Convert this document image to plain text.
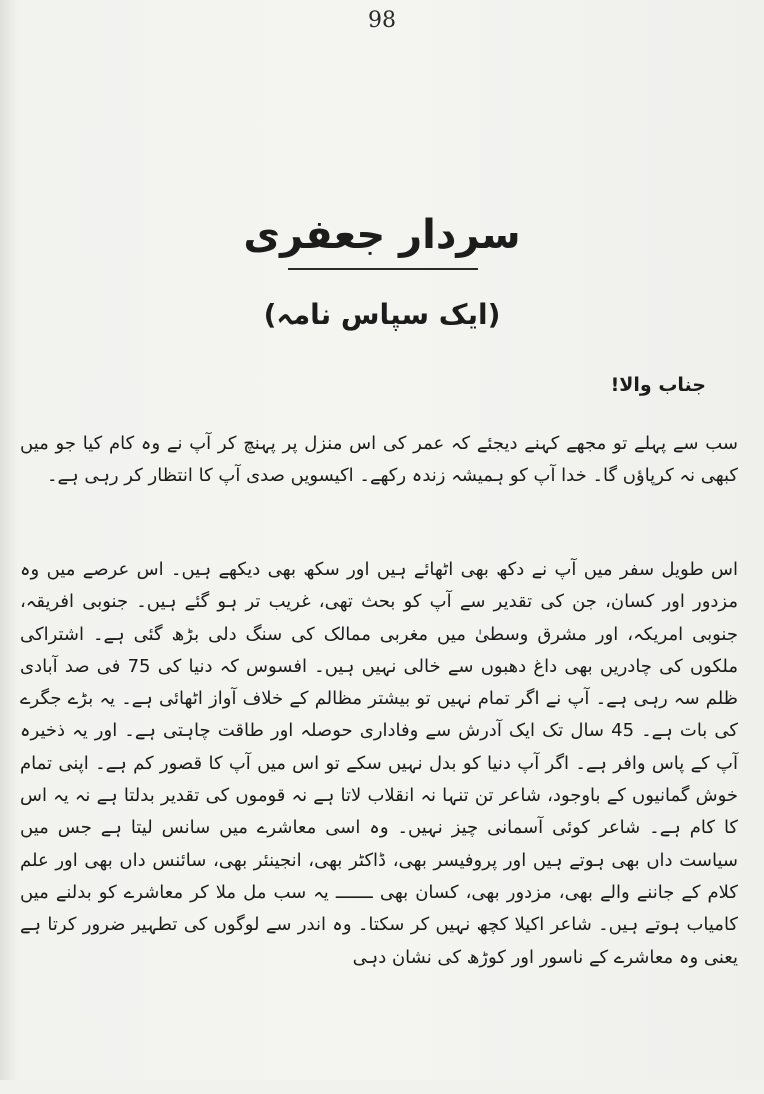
98
سردار جعفری
(ایک سپاس نامہ)
جناب والا!

سب سے پہلے تو مجھے کہنے دیجئے کہ عمر کی اس منزل پر پہنچ کر آپ نے وہ کام کیا جو میں کبھی نہ کرپاؤں گا۔ خدا آپ کو ہمیشہ زندہ رکھے۔ اکیسویں صدی آپ کا انتظار کر رہی ہے۔

اس طویل سفر میں آپ نے دکھ بھی اٹھائے ہیں اور سکھ بھی دیکھے ہیں۔ اس عرصے میں وہ مزدور اور کسان، جن کی تقدیر سے آپ کو بحث تھی، غریب تر ہو گئے ہیں۔ جنوبی افریقہ، جنوبی امریکہ، اور مشرق وسطیٰ میں مغربی ممالک کی سنگ دلی بڑھ گئی ہے۔ اشتراکی ملکوں کی چادریں بھی داغ دھبوں سے خالی نہیں ہیں۔ افسوس کہ دنیا کی 75 فی صد آبادی ظلم سہ رہی ہے۔ آپ نے اگر تمام نہیں تو بیشتر مظالم کے خلاف آواز اٹھائی ہے۔ یہ بڑے جگرے کی بات ہے۔ 45 سال تک ایک آدرش سے وفاداری حوصلہ اور طاقت چاہتی ہے۔ اور یہ ذخیرہ آپ کے پاس وافر ہے۔ اگر آپ دنیا کو بدل نہیں سکے تو اس میں آپ کا قصور کم ہے۔ اپنی تمام خوش گمانیوں کے باوجود، شاعر تن تنہا نہ انقلاب لاتا ہے نہ قوموں کی تقدیر بدلتا ہے نہ یہ اس کا کام ہے۔ شاعر کوئی آسمانی چیز نہیں۔ وہ اسی معاشرے میں سانس لیتا ہے جس میں سیاست داں بھی ہوتے ہیں اور پروفیسر بھی، ڈاکٹر بھی، انجینئر بھی، سائنس داں بھی اور علم کلام کے جاننے والے بھی، مزدور بھی، کسان بھی ـــــــ یہ سب مل ملا کر معاشرے کو بدلنے میں کامیاب ہوتے ہیں۔ شاعر اکیلا کچھ نہیں کر سکتا۔ وہ اندر سے لوگوں کی تطہیر ضرور کرتا ہے یعنی وہ معاشرے کے ناسور اور کوڑھ کی نشان دہی
